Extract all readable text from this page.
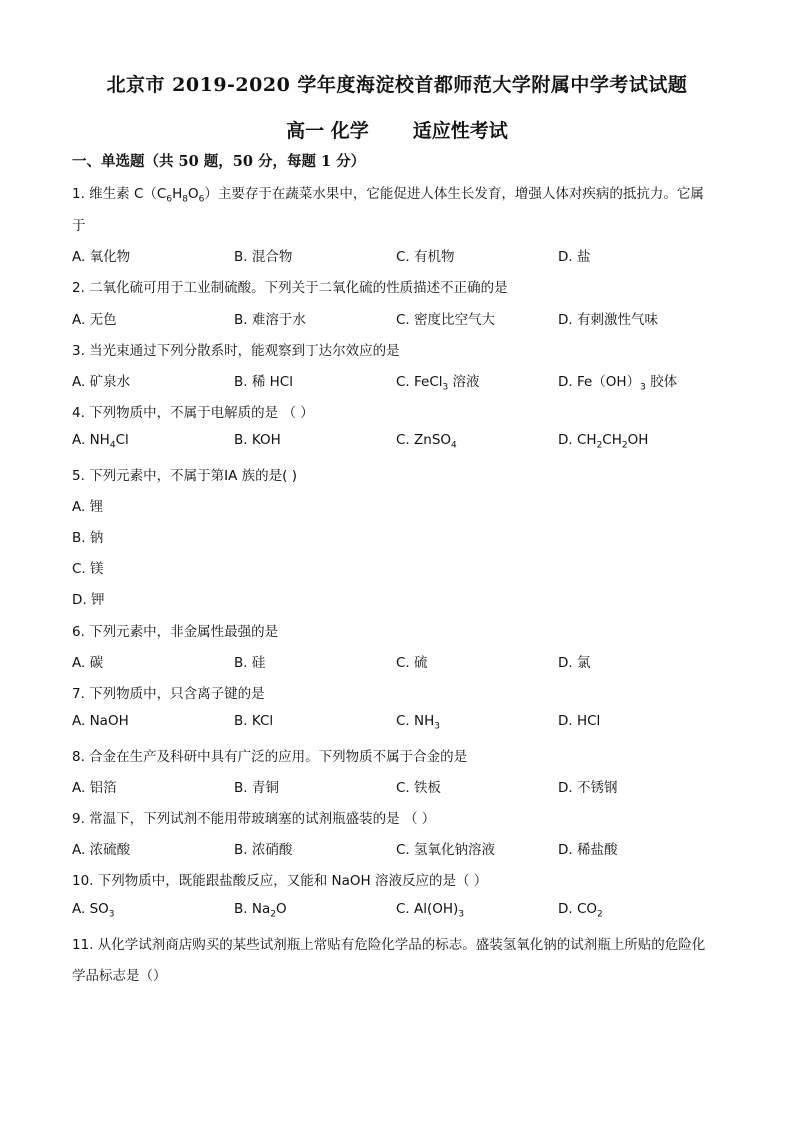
北京市 2019-2020 学年度海淀校首都师范大学附属中学考试试题
高一 化学 适应性考试
一、单选题（共 50 题，50 分，每题 1 分）
1. 维生素 $C(C_6H_8O_6)$主要存于在蔬菜水果中，它能促进人体生长发育，增强人体对疾病的抵抗力。它属
于
A. 氧化物	B. 混合物	C. 有机物	D. 盐
2. 二氧化硫可用于工业制硫酸。下列关于二氧化硫的性质描述不正确的是
A. 无色	B. 难溶于水	C. 密度比空气大	D. 有刺激性气味
3. 当光束通过下列分散系时，能观察到丁达尔效应的是
A. 矿泉水	B. 稀 HCl	C. FeCl$_3$ 溶液	D. $Fe(OH)_3$ 胶体
4. 下列物质中，不属于电解质的是 （ ）
A. $NH_4Cl$	B. KOH	C. ZnSO$_4$	D. $CH_2CH_2OH$
5. 下列元素中，不属于第ⅠA 族的是( )
A. 锂
B. 钠
C. 镁
D. 钾
6. 下列元素中，非金属性最强的是
A. 碳	B. 硅	C. 硫	D. 氯
7. 下列物质中，只含离子键的是
A. NaOH	B. KCl	C. $NH_3$	D. HCl
8. 合金在生产及科研中具有广泛的应用。下列物质不属于合金的是
A. 铝箔	B. 青铜	C. 铁板	D. 不锈钢
9. 常温下，下列试剂不能用带玻璃塞的试剂瓶盛装的是 （ ）
A. 浓硫酸	B. 浓硝酸	C. 氢氧化钠溶液	D. 稀盐酸
10. 下列物质中，既能跟盐酸反应，又能和 NaOH 溶液反应的是（ ）
A. $SO_3$	B. $Na_2O$	C. $Al(OH)_3$	D. $CO_2$
11. 从化学试剂商店购买的某些试剂瓶上常贴有危险化学品的标志。盛装氢氧化钠的试剂瓶上所贴的危险化
学品标志是（）
